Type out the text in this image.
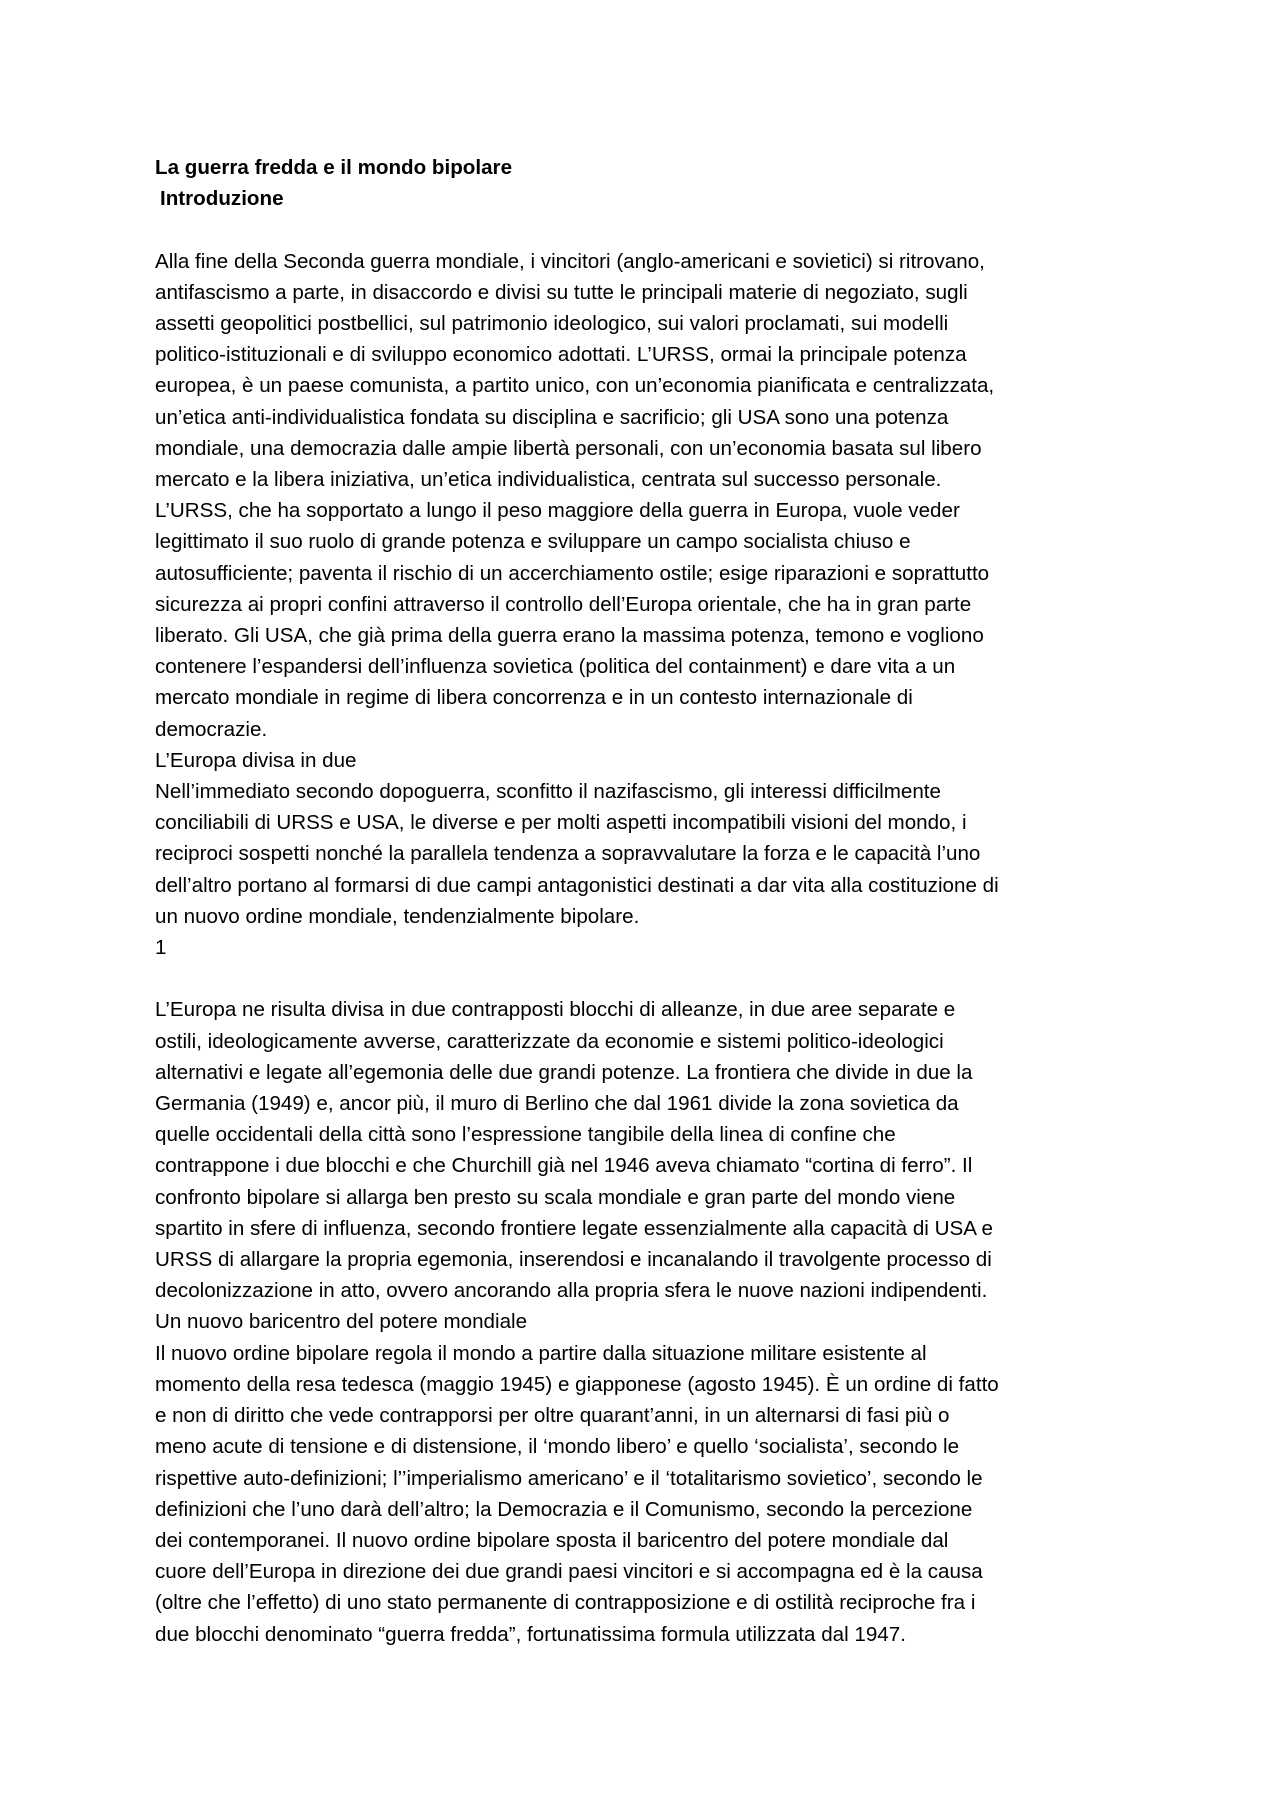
La guerra fredda e il mondo bipolare
Introduzione
Alla fine della Seconda guerra mondiale, i vincitori (anglo-americani e sovietici) si ritrovano,
antifascismo a parte, in disaccordo e divisi su tutte le principali materie di negoziato, sugli
assetti geopolitici postbellici, sul patrimonio ideologico, sui valori proclamati, sui modelli
politico-istituzionali e di sviluppo economico adottati. L’URSS, ormai la principale potenza
europea, è un paese comunista, a partito unico, con un’economia pianificata e centralizzata,
un’etica anti-individualistica fondata su disciplina e sacrificio; gli USA sono una potenza
mondiale, una democrazia dalle ampie libertà personali, con un’economia basata sul libero
mercato e la libera iniziativa, un’etica individualistica, centrata sul successo personale.
L’URSS, che ha sopportato a lungo il peso maggiore della guerra in Europa, vuole veder
legittimato il suo ruolo di grande potenza e sviluppare un campo socialista chiuso e
autosufficiente; paventa il rischio di un accerchiamento ostile; esige riparazioni e soprattutto
sicurezza ai propri confini attraverso il controllo dell’Europa orientale, che ha in gran parte
liberato. Gli USA, che già prima della guerra erano la massima potenza, temono e vogliono
contenere l’espandersi dell’influenza sovietica (politica del containment) e dare vita a un
mercato mondiale in regime di libera concorrenza e in un contesto internazionale di
democrazie.
L’Europa divisa in due
Nell’immediato secondo dopoguerra, sconfitto il nazifascismo, gli interessi difficilmente
conciliabili di URSS e USA, le diverse e per molti aspetti incompatibili visioni del mondo, i
reciproci sospetti nonché la parallela tendenza a sopravvalutare la forza e le capacità l’uno
dell’altro portano al formarsi di due campi antagonistici destinati a dar vita alla costituzione di
un nuovo ordine mondiale, tendenzialmente bipolare.
1
L’Europa ne risulta divisa in due contrapposti blocchi di alleanze, in due aree separate e
ostili, ideologicamente avverse, caratterizzate da economie e sistemi politico-ideologici
alternativi e legate all’egemonia delle due grandi potenze. La frontiera che divide in due la
Germania (1949) e, ancor più, il muro di Berlino che dal 1961 divide la zona sovietica da
quelle occidentali della città sono l’espressione tangibile della linea di confine che
contrappone i due blocchi e che Churchill già nel 1946 aveva chiamato “cortina di ferro”. Il
confronto bipolare si allarga ben presto su scala mondiale e gran parte del mondo viene
spartito in sfere di influenza, secondo frontiere legate essenzialmente alla capacità di USA e
URSS di allargare la propria egemonia, inserendosi e incanalando il travolgente processo di
decolonizzazione in atto, ovvero ancorando alla propria sfera le nuove nazioni indipendenti.
Un nuovo baricentro del potere mondiale
Il nuovo ordine bipolare regola il mondo a partire dalla situazione militare esistente al
momento della resa tedesca (maggio 1945) e giapponese (agosto 1945). È un ordine di fatto
e non di diritto che vede contrapporsi per oltre quarant’anni, in un alternarsi di fasi più o
meno acute di tensione e di distensione, il ‘mondo libero’ e quello ‘socialista’, secondo le
rispettive auto-definizioni; l’’imperialismo americano’ e il ‘totalitarismo sovietico’, secondo le
definizioni che l’uno darà dell’altro; la Democrazia e il Comunismo, secondo la percezione
dei contemporanei. Il nuovo ordine bipolare sposta il baricentro del potere mondiale dal
cuore dell’Europa in direzione dei due grandi paesi vincitori e si accompagna ed è la causa
(oltre che l’effetto) di uno stato permanente di contrapposizione e di ostilità reciproche fra i
due blocchi denominato “guerra fredda”, fortunatissima formula utilizzata dal 1947.
